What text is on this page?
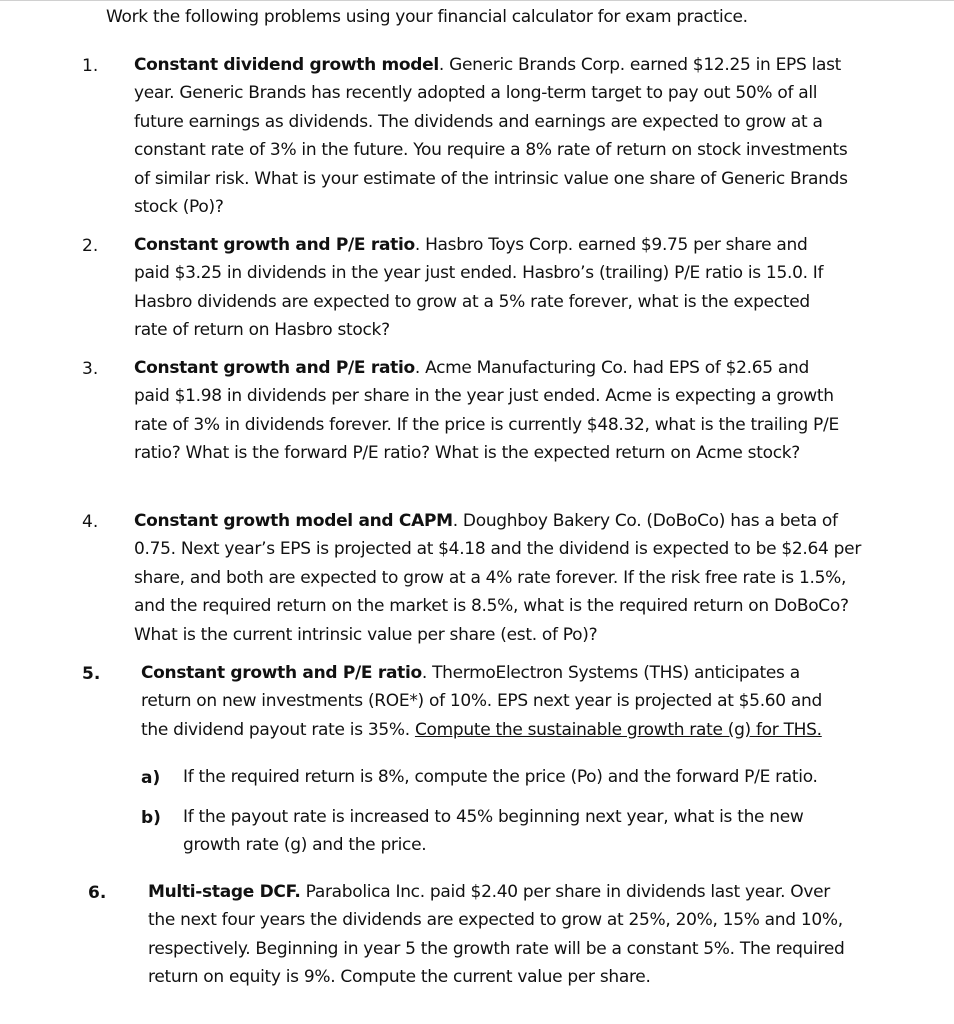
Work the following problems using your financial calculator for exam practice.
1. Constant dividend growth model. Generic Brands Corp. earned $12.25 in EPS last year. Generic Brands has recently adopted a long-term target to pay out 50% of all future earnings as dividends. The dividends and earnings are expected to grow at a constant rate of 3% in the future. You require a 8% rate of return on stock investments of similar risk. What is your estimate of the intrinsic value one share of Generic Brands stock (Po)?
2. Constant growth and P/E ratio. Hasbro Toys Corp. earned $9.75 per share and paid $3.25 in dividends in the year just ended. Hasbro’s (trailing) P/E ratio is 15.0. If Hasbro dividends are expected to grow at a 5% rate forever, what is the expected rate of return on Hasbro stock?
3. Constant growth and P/E ratio. Acme Manufacturing Co. had EPS of $2.65 and paid $1.98 in dividends per share in the year just ended. Acme is expecting a growth rate of 3% in dividends forever. If the price is currently $48.32, what is the trailing P/E ratio? What is the forward P/E ratio? What is the expected return on Acme stock?
4. Constant growth model and CAPM. Doughboy Bakery Co. (DoBoCo) has a beta of 0.75. Next year’s EPS is projected at $4.18 and the dividend is expected to be $2.64 per share, and both are expected to grow at a 4% rate forever. If the risk free rate is 1.5%, and the required return on the market is 8.5%, what is the required return on DoBoCo? What is the current intrinsic value per share (est. of Po)?
5. Constant growth and P/E ratio. ThermoElectron Systems (THS) anticipates a return on new investments (ROE*) of 10%. EPS next year is projected at $5.60 and the dividend payout rate is 35%. Compute the sustainable growth rate (g) for THS.
a) If the required return is 8%, compute the price (Po) and the forward P/E ratio.
b) If the payout rate is increased to 45% beginning next year, what is the new growth rate (g) and the price.
6. Multi-stage DCF. Parabolica Inc. paid $2.40 per share in dividends last year. Over the next four years the dividends are expected to grow at 25%, 20%, 15% and 10%, respectively. Beginning in year 5 the growth rate will be a constant 5%. The required return on equity is 9%. Compute the current value per share.
